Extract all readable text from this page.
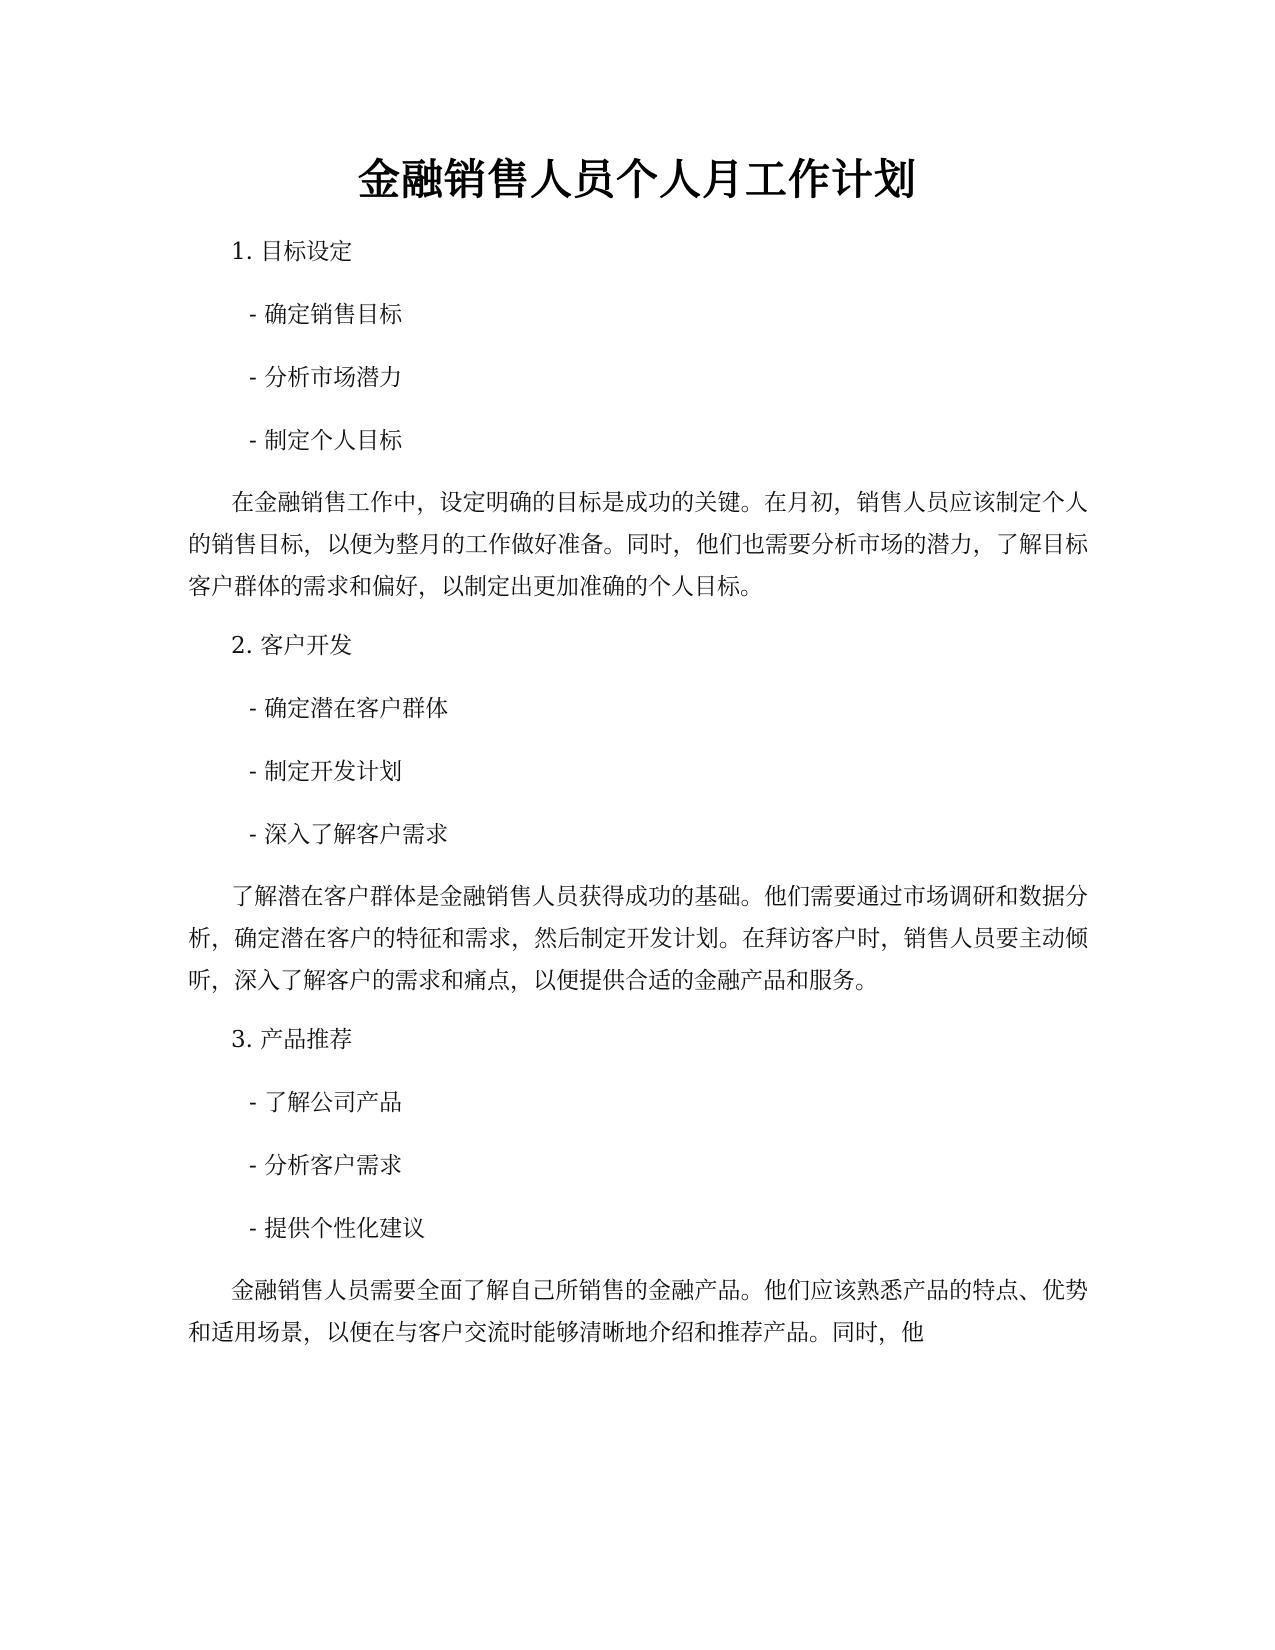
金融销售人员个人月工作计划
1. 目标设定
- 确定销售目标
- 分析市场潜力
- 制定个人目标
在金融销售工作中，设定明确的目标是成功的关键。在月初，销售人员应该制定个人的销售目标，以便为整月的工作做好准备。同时，他们也需要分析市场的潜力，了解目标客户群体的需求和偏好，以制定出更加准确的个人目标。
2. 客户开发
- 确定潜在客户群体
- 制定开发计划
- 深入了解客户需求
了解潜在客户群体是金融销售人员获得成功的基础。他们需要通过市场调研和数据分析，确定潜在客户的特征和需求，然后制定开发计划。在拜访客户时，销售人员要主动倾听，深入了解客户的需求和痛点，以便提供合适的金融产品和服务。
3. 产品推荐
- 了解公司产品
- 分析客户需求
- 提供个性化建议
金融销售人员需要全面了解自己所销售的金融产品。他们应该熟悉产品的特点、优势和适用场景，以便在与客户交流时能够清晰地介绍和推荐产品。同时，他
